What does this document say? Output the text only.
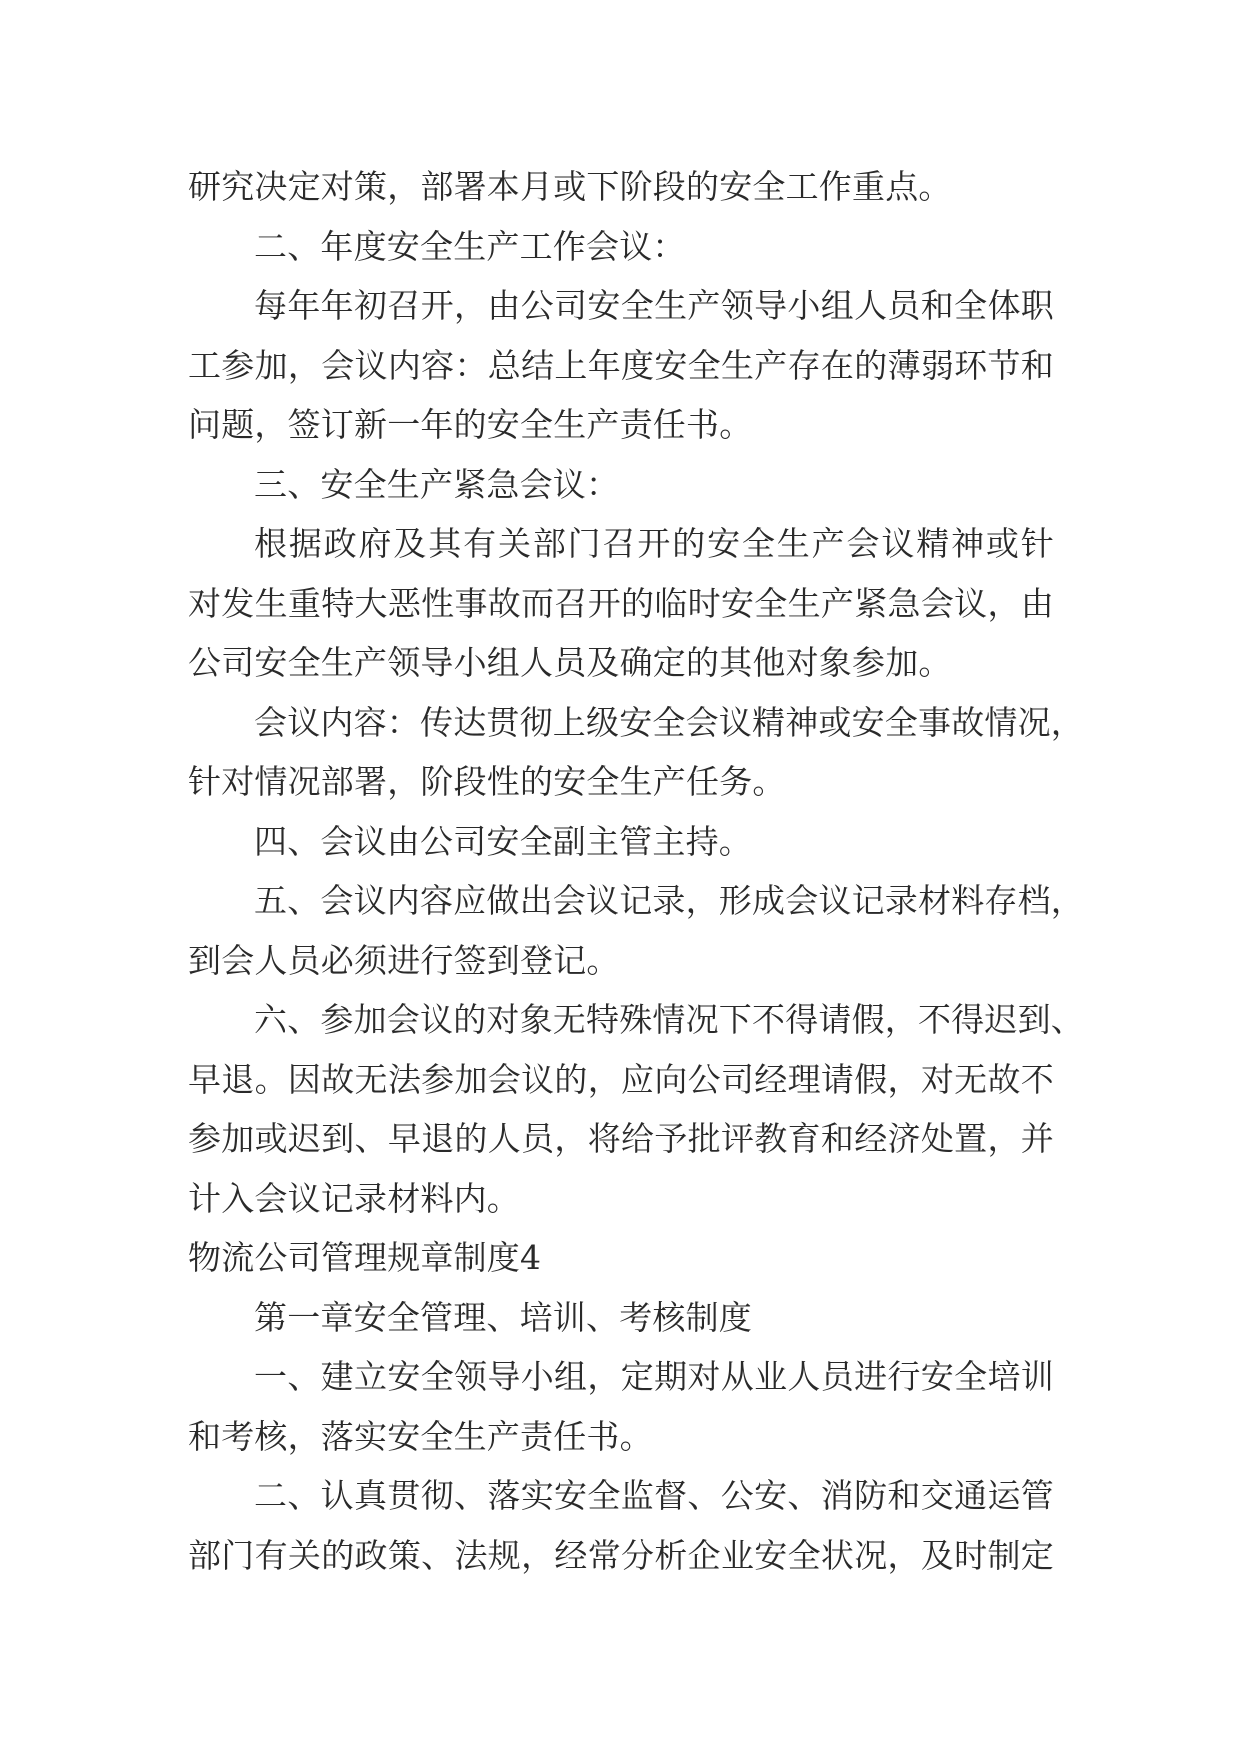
研究决定对策，部署本月或下阶段的安全工作重点。
二、年度安全生产工作会议：
每年年初召开，由公司安全生产领导小组人员和全体职
工参加，会议内容：总结上年度安全生产存在的薄弱环节和
问题，签订新一年的安全生产责任书。
三、安全生产紧急会议：
根据政府及其有关部门召开的安全生产会议精神或针
对发生重特大恶性事故而召开的临时安全生产紧急会议，由
公司安全生产领导小组人员及确定的其他对象参加。
会议内容：传达贯彻上级安全会议精神或安全事故情况，
针对情况部署，阶段性的安全生产任务。
四、会议由公司安全副主管主持。
五、会议内容应做出会议记录，形成会议记录材料存档，
到会人员必须进行签到登记。
六、参加会议的对象无特殊情况下不得请假，不得迟到、
早退。因故无法参加会议的，应向公司经理请假，对无故不
参加或迟到、早退的人员，将给予批评教育和经济处置，并
计入会议记录材料内。
物流公司管理规章制度4
第一章安全管理、培训、考核制度
一、建立安全领导小组，定期对从业人员进行安全培训
和考核，落实安全生产责任书。
二、认真贯彻、落实安全监督、公安、消防和交通运管
部门有关的政策、法规，经常分析企业安全状况，及时制定
